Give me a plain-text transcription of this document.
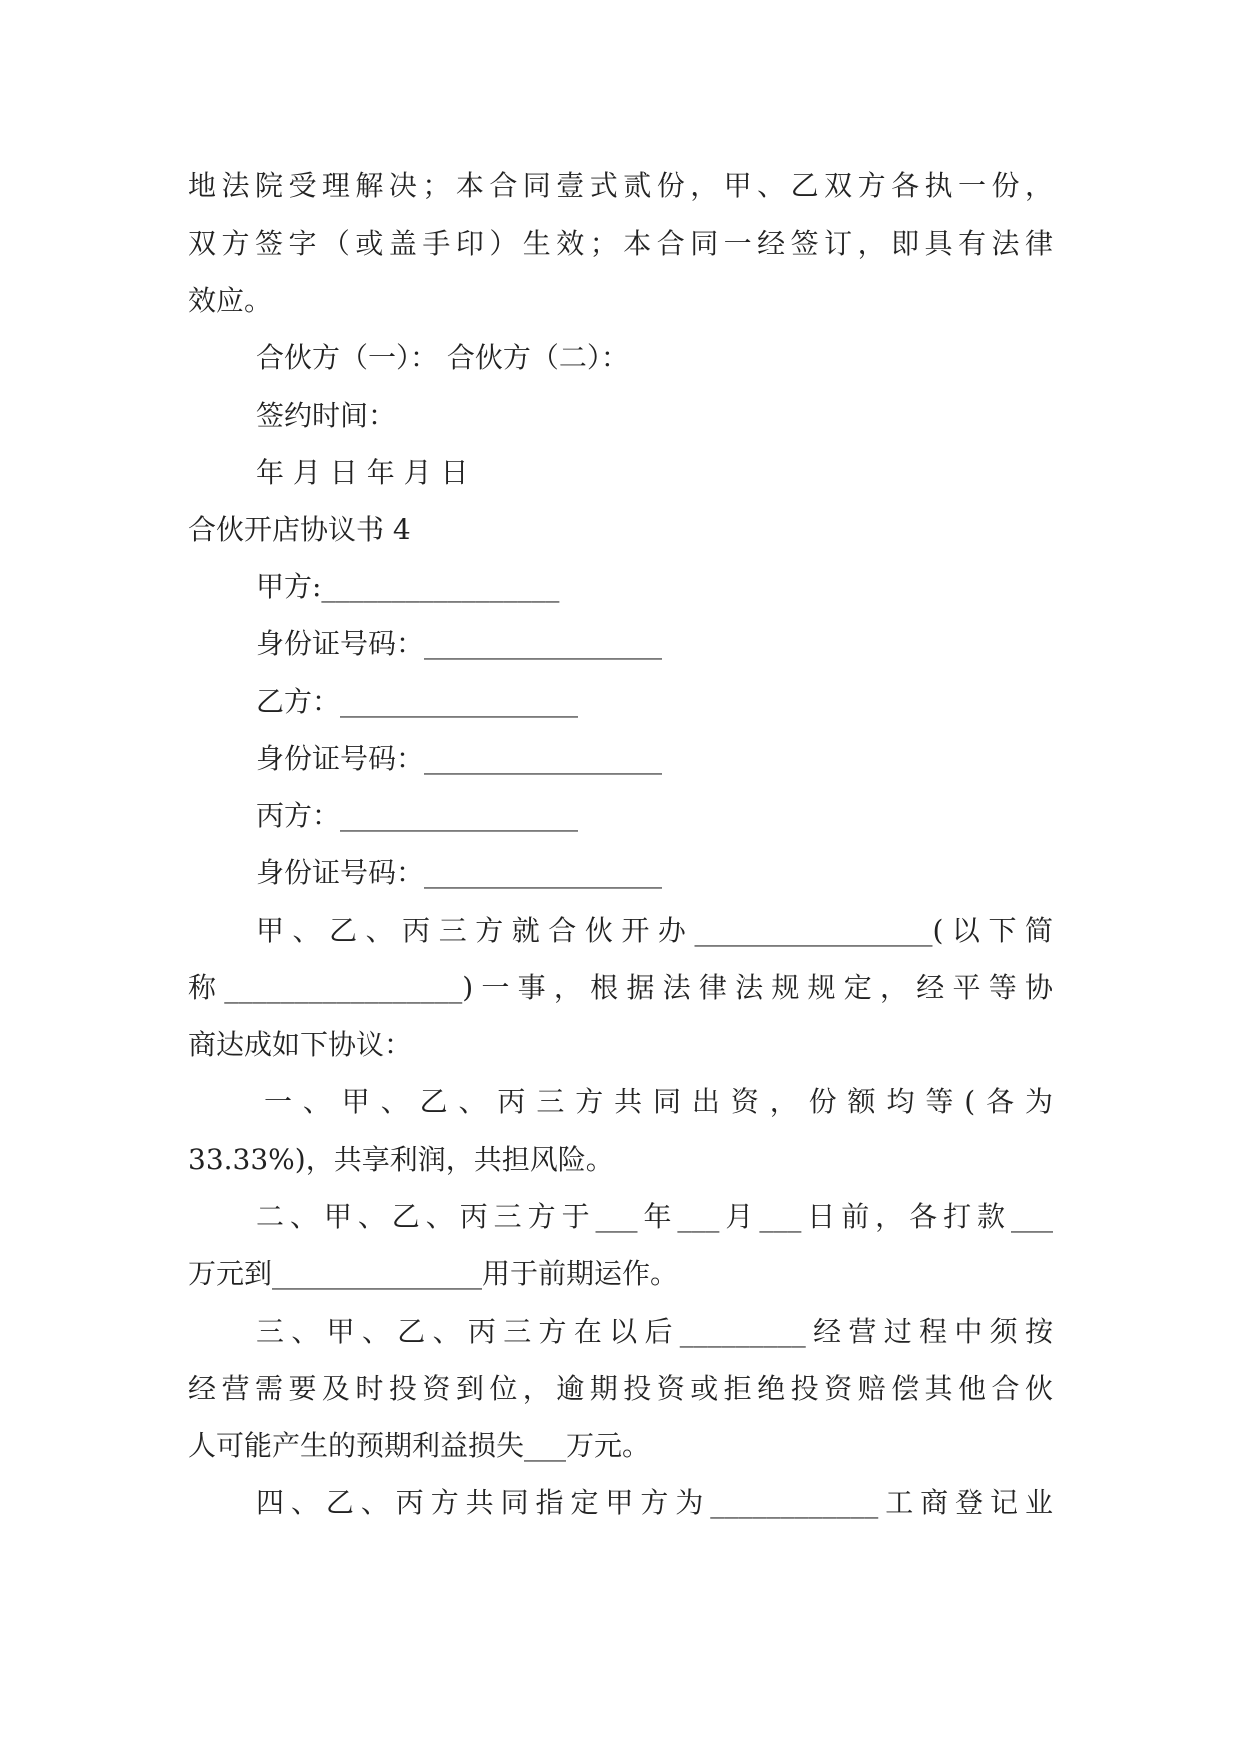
地法院受理解决；本合同壹式贰份，甲、乙双方各执一份，
双方签字（或盖手印）生效；本合同一经签订，即具有法律
效应。
合伙方（一）： 合伙方（二）：
签约时间：
年 月 日 年 月 日
合伙开店协议书 4
甲方:_________________
身份证号码：_________________
乙方：_________________
身份证号码：_________________
丙方：_________________
身份证号码：_________________
甲、乙、丙三方就合伙开办_________________(以下简
称_________________)一事，根据法律法规规定，经平等协
商达成如下协议：
一、甲、乙、丙三方共同出资，份额均等(各为
33.33%)，共享利润，共担风险。
二、甲、乙、丙三方于___年___月___日前，各打款___
万元到_______________用于前期运作。
三、甲、乙、丙三方在以后_________经营过程中须按
经营需要及时投资到位，逾期投资或拒绝投资赔偿其他合伙
人可能产生的预期利益损失___万元。
四、乙、丙方共同指定甲方为____________工商登记业
